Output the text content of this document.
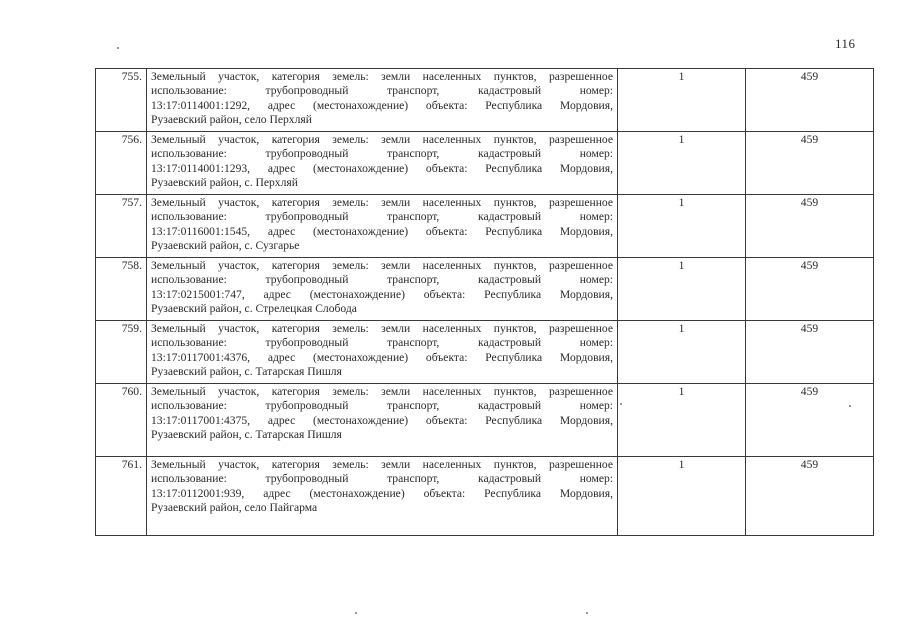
116
755.	Земельный участок, категория земель: земли населенных пунктов, разрешенное
использование: трубопроводный транспорт, кадастровый номер:
13:17:0114001:1292, адрес (местонахождение) объекта: Республика Мордовия,
Рузаевский район, село Перхляй	1	459
756.	Земельный участок, категория земель: земли населенных пунктов, разрешенное
использование: трубопроводный транспорт, кадастровый номер:
13:17:0114001:1293, адрес (местонахождение) объекта: Республика Мордовия,
Рузаевский район, с. Перхляй	1	459
757.	Земельный участок, категория земель: земли населенных пунктов, разрешенное
использование: трубопроводный транспорт, кадастровый номер:
13:17:0116001:1545, адрес (местонахождение) объекта: Республика Мордовия,
Рузаевский район, с. Сузгарье	1	459
758.	Земельный участок, категория земель: земли населенных пунктов, разрешенное
использование: трубопроводный транспорт, кадастровый номер:
13:17:0215001:747, адрес (местонахождение) объекта: Республика Мордовия,
Рузаевский район, с. Стрелецкая Слобода	1	459
759.	Земельный участок, категория земель: земли населенных пунктов, разрешенное
использование: трубопроводный транспорт, кадастровый номер:
13:17:0117001:4376, адрес (местонахождение) объекта: Республика Мордовия,
Рузаевский район, с. Татарская Пишля	1	459
760.	Земельный участок, категория земель: земли населенных пунктов, разрешенное
использование: трубопроводный транспорт, кадастровый номер:
13:17:0117001:4375, адрес (местонахождение) объекта: Республика Мордовия,
Рузаевский район, с. Татарская Пишля	1	459
761.	Земельный участок, категория земель: земли населенных пунктов, разрешенное
использование: трубопроводный транспорт, кадастровый номер:
13:17:0112001:939, адрес (местонахождение) объекта: Республика Мордовия,
Рузаевский район, село Пайгарма	1	459
